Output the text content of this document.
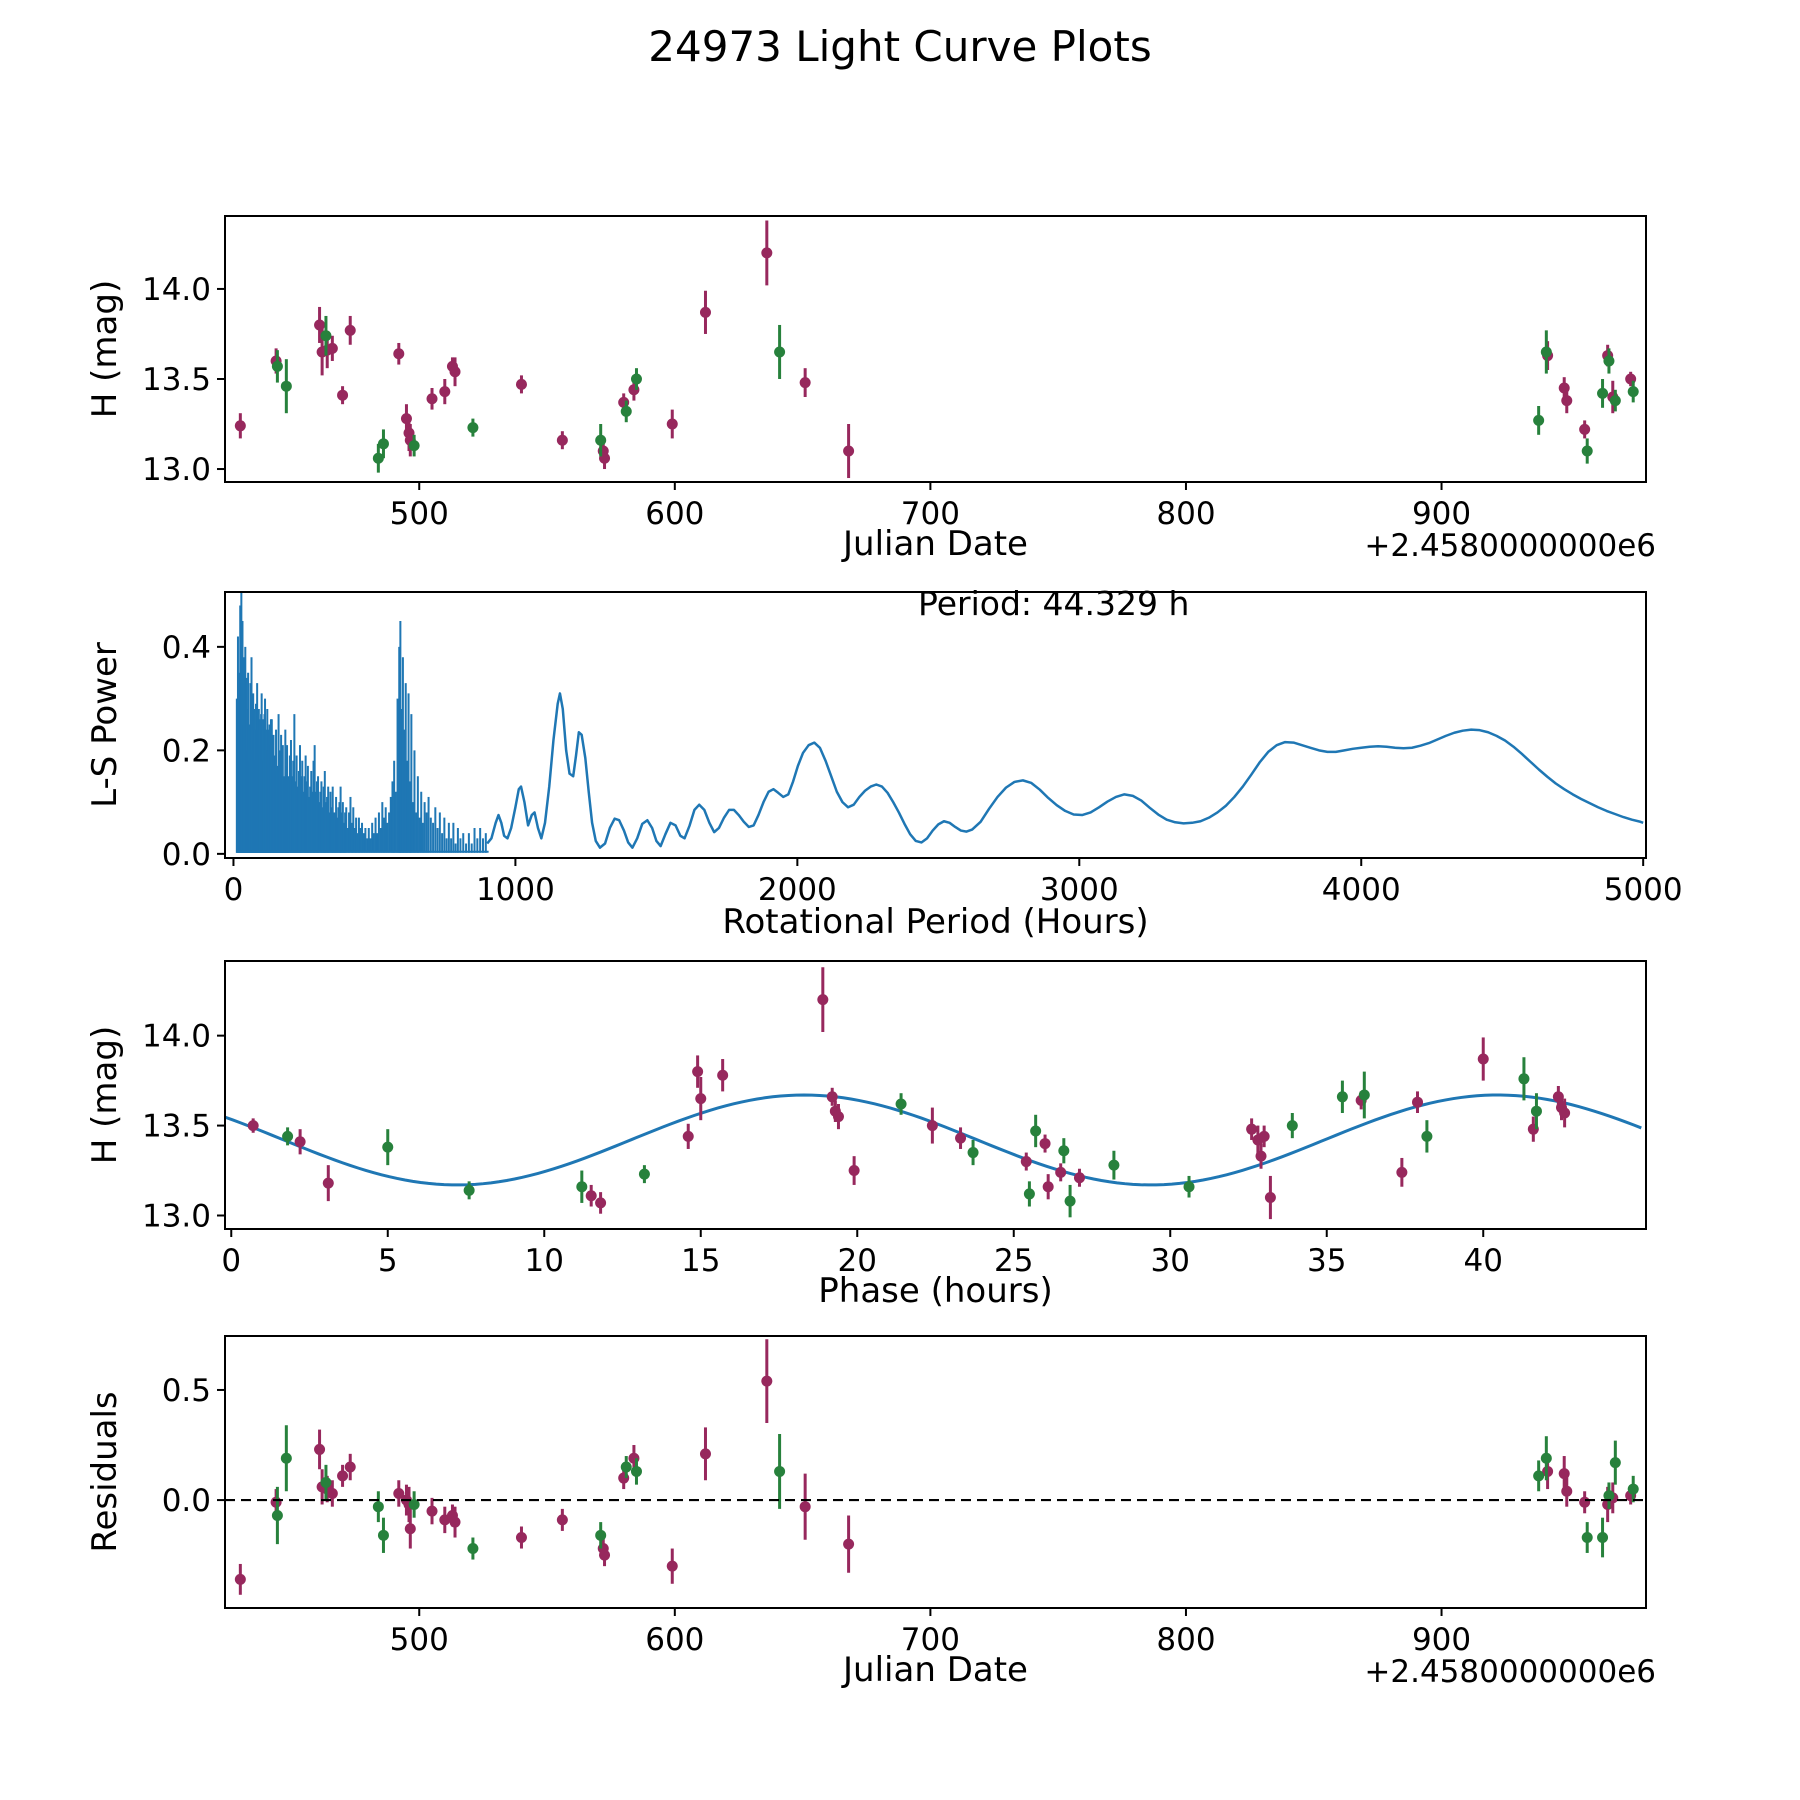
500	600	700	800	900
13.0
13.5
14.0
0	1000	2000	3000	4000	5000
0.0
0.2
0.4
0	5	10	15	20	25	30	35	40
13.0
13.5
14.0
500	600	700	800	900
0.0
0.5
24973 Light Curve Plots
H (mag)
Julian Date	+2.4580000000e6
L-S Power
Rotational Period (Hours)
Period: 44.329 h
H (mag)
Phase (hours)
Residuals
Julian Date	+2.4580000000e6
